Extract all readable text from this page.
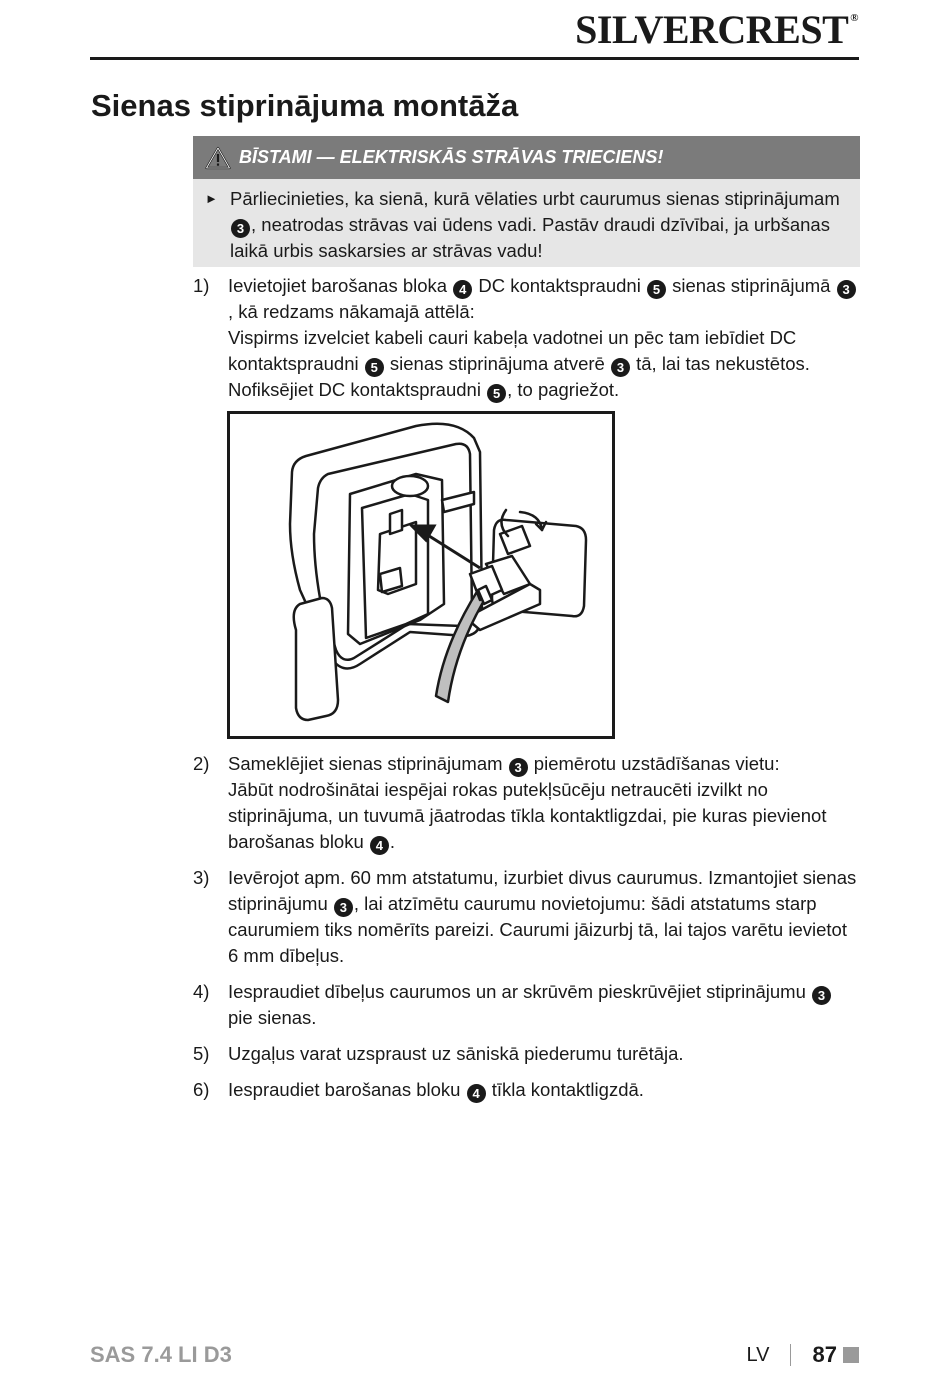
SILVERCREST ®
Sienas stiprinājuma montāža
BĪSTAMI — ELEKTRISKĀS STRĀVAS TRIECIENS!
► Pārliecinieties, ka sienā, kurā vēlaties urbt caurumus sienas stiprinājumam 3 , neatrodas strāvas vai ūdens vadi. Pastāv draudi dzīvībai, ja urbšanas laikā urbis saskarsies ar strāvas vadu!
1)	Ievietojiet barošanas bloka 4 DC kontaktspraudni 5 sienas stiprinājumā 3, kā redzams nākamajā attēlā:
Vispirms izvelciet kabeli cauri kabeļa vadotnei un pēc tam iebīdiet DC kontaktspraudni 5 sienas stiprinājuma atverē 3 tā, lai tas nekustētos.
Nofiksējiet DC kontaktspraudni 5 , to pagriežot.
2)	Sameklējiet sienas stiprinājumam 3 piemērotu uzstādīšanas vietu:
Jābūt nodrošinātai iespējai rokas putekļsūcēju netraucēti izvilkt no stiprinājuma, un tuvumā jāatrodas tīkla kontaktligzdai, pie kuras pievienot barošanas bloku 4 .
3)	Ievērojot apm. 60 mm atstatumu, izurbiet divus caurumus. Izmantojiet sienas stiprinājumu 3 , lai atzīmētu caurumu novietojumu: šādi atstatums starp caurumiem tiks nomērīts pareizi. Caurumi jāizurbj tā, lai tajos varētu ievietot 6 mm dībeļus.
4)	Iespraudiet dībeļus caurumos un ar skrūvēm pieskrūvējiet stiprinājumu 3 pie sienas.
5)	Uzgaļus varat uzspraust uz sāniskā piederumu turētāja.
6)	Iespraudiet barošanas bloku 4 tīkla kontaktligzdā.
SAS 7.4 LI D3	LV 87
